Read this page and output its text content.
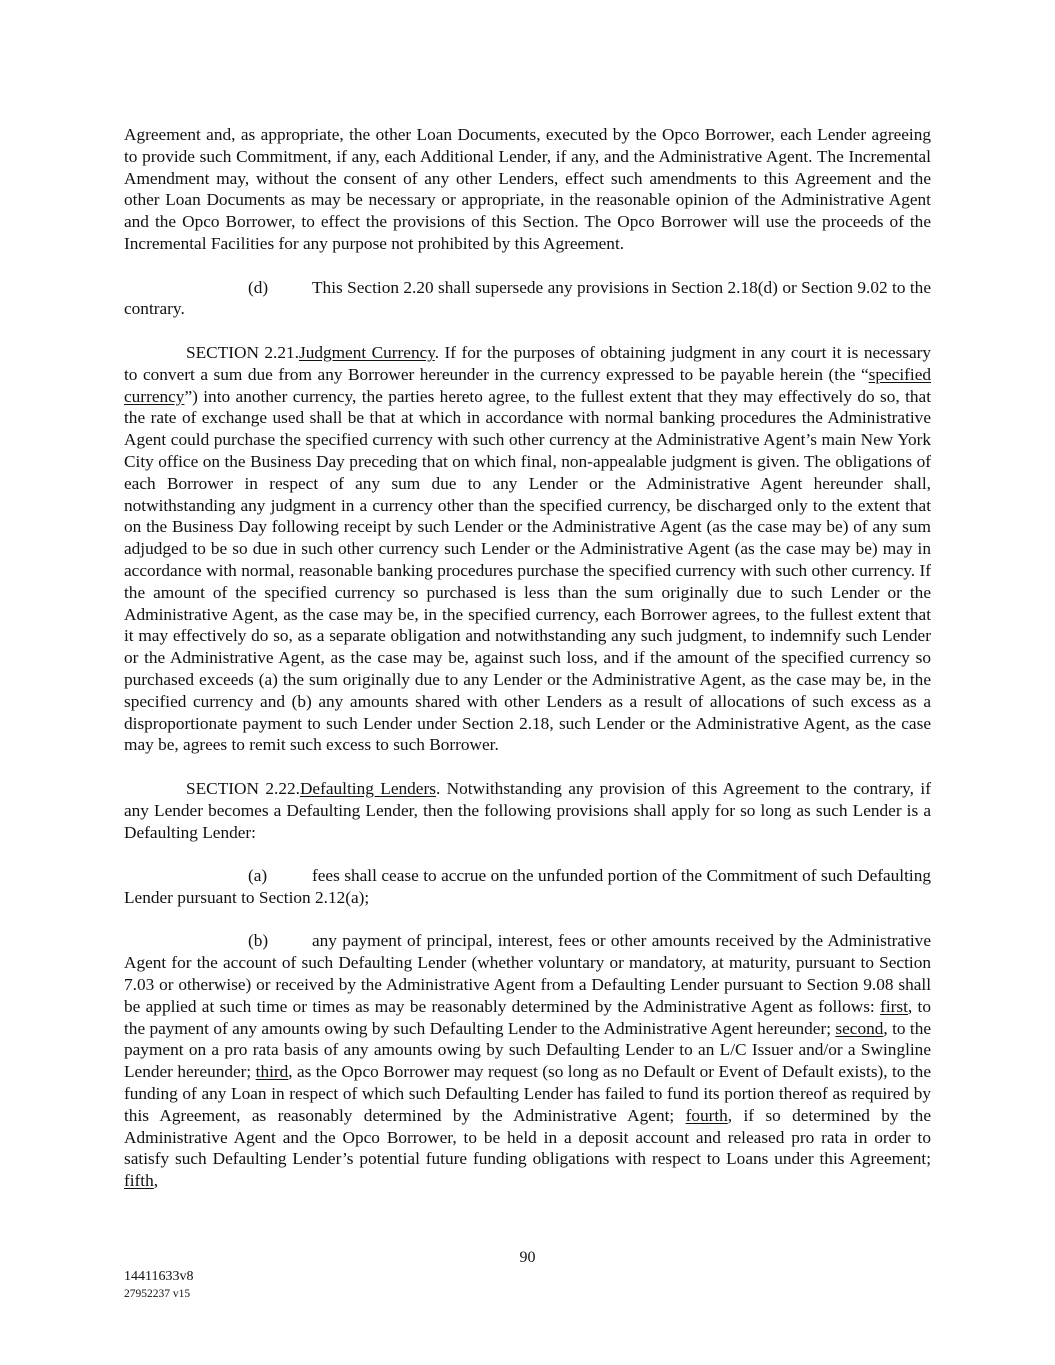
Agreement and, as appropriate, the other Loan Documents, executed by the Opco Borrower, each Lender agreeing to provide such Commitment, if any, each Additional Lender, if any, and the Administrative Agent. The Incremental Amendment may, without the consent of any other Lenders, effect such amendments to this Agreement and the other Loan Documents as may be necessary or appropriate, in the reasonable opinion of the Administrative Agent and the Opco Borrower, to effect the provisions of this Section. The Opco Borrower will use the proceeds of the Incremental Facilities for any purpose not prohibited by this Agreement.

(d)	This Section 2.20 shall supersede any provisions in Section 2.18(d) or Section 9.02 to the contrary.

SECTION 2.21.Judgment Currency. If for the purposes of obtaining judgment in any court it is necessary to convert a sum due from any Borrower hereunder in the currency expressed to be payable herein (the “specified currency”) into another currency, the parties hereto agree, to the fullest extent that they may effectively do so, that the rate of exchange used shall be that at which in accordance with normal banking procedures the Administrative Agent could purchase the specified currency with such other currency at the Administrative Agent’s main New York City office on the Business Day preceding that on which final, non-appealable judgment is given. The obligations of each Borrower in respect of any sum due to any Lender or the Administrative Agent hereunder shall, notwithstanding any judgment in a currency other than the specified currency, be discharged only to the extent that on the Business Day following receipt by such Lender or the Administrative Agent (as the case may be) of any sum adjudged to be so due in such other currency such Lender or the Administrative Agent (as the case may be) may in accordance with normal, reasonable banking procedures purchase the specified currency with such other currency. If the amount of the specified currency so purchased is less than the sum originally due to such Lender or the Administrative Agent, as the case may be, in the specified currency, each Borrower agrees, to the fullest extent that it may effectively do so, as a separate obligation and notwithstanding any such judgment, to indemnify such Lender or the Administrative Agent, as the case may be, against such loss, and if the amount of the specified currency so purchased exceeds (a) the sum originally due to any Lender or the Administrative Agent, as the case may be, in the specified currency and (b) any amounts shared with other Lenders as a result of allocations of such excess as a disproportionate payment to such Lender under Section 2.18, such Lender or the Administrative Agent, as the case may be, agrees to remit such excess to such Borrower.

SECTION 2.22.Defaulting Lenders. Notwithstanding any provision of this Agreement to the contrary, if any Lender becomes a Defaulting Lender, then the following provisions shall apply for so long as such Lender is a Defaulting Lender:

(a)	fees shall cease to accrue on the unfunded portion of the Commitment of such Defaulting Lender pursuant to Section 2.12(a);

(b)	any payment of principal, interest, fees or other amounts received by the Administrative Agent for the account of such Defaulting Lender (whether voluntary or mandatory, at maturity, pursuant to Section 7.03 or otherwise) or received by the Administrative Agent from a Defaulting Lender pursuant to Section 9.08 shall be applied at such time or times as may be reasonably determined by the Administrative Agent as follows: first, to the payment of any amounts owing by such Defaulting Lender to the Administrative Agent hereunder; second, to the payment on a pro rata basis of any amounts owing by such Defaulting Lender to an L/C Issuer and/or a Swingline Lender hereunder; third, as the Opco Borrower may request (so long as no Default or Event of Default exists), to the funding of any Loan in respect of which such Defaulting Lender has failed to fund its portion thereof as required by this Agreement, as reasonably determined by the Administrative Agent; fourth, if so determined by the Administrative Agent and the Opco Borrower, to be held in a deposit account and released pro rata in order to satisfy such Defaulting Lender’s potential future funding obligations with respect to Loans under this Agreement; fifth,

90
14411633v8
27952237 v15
